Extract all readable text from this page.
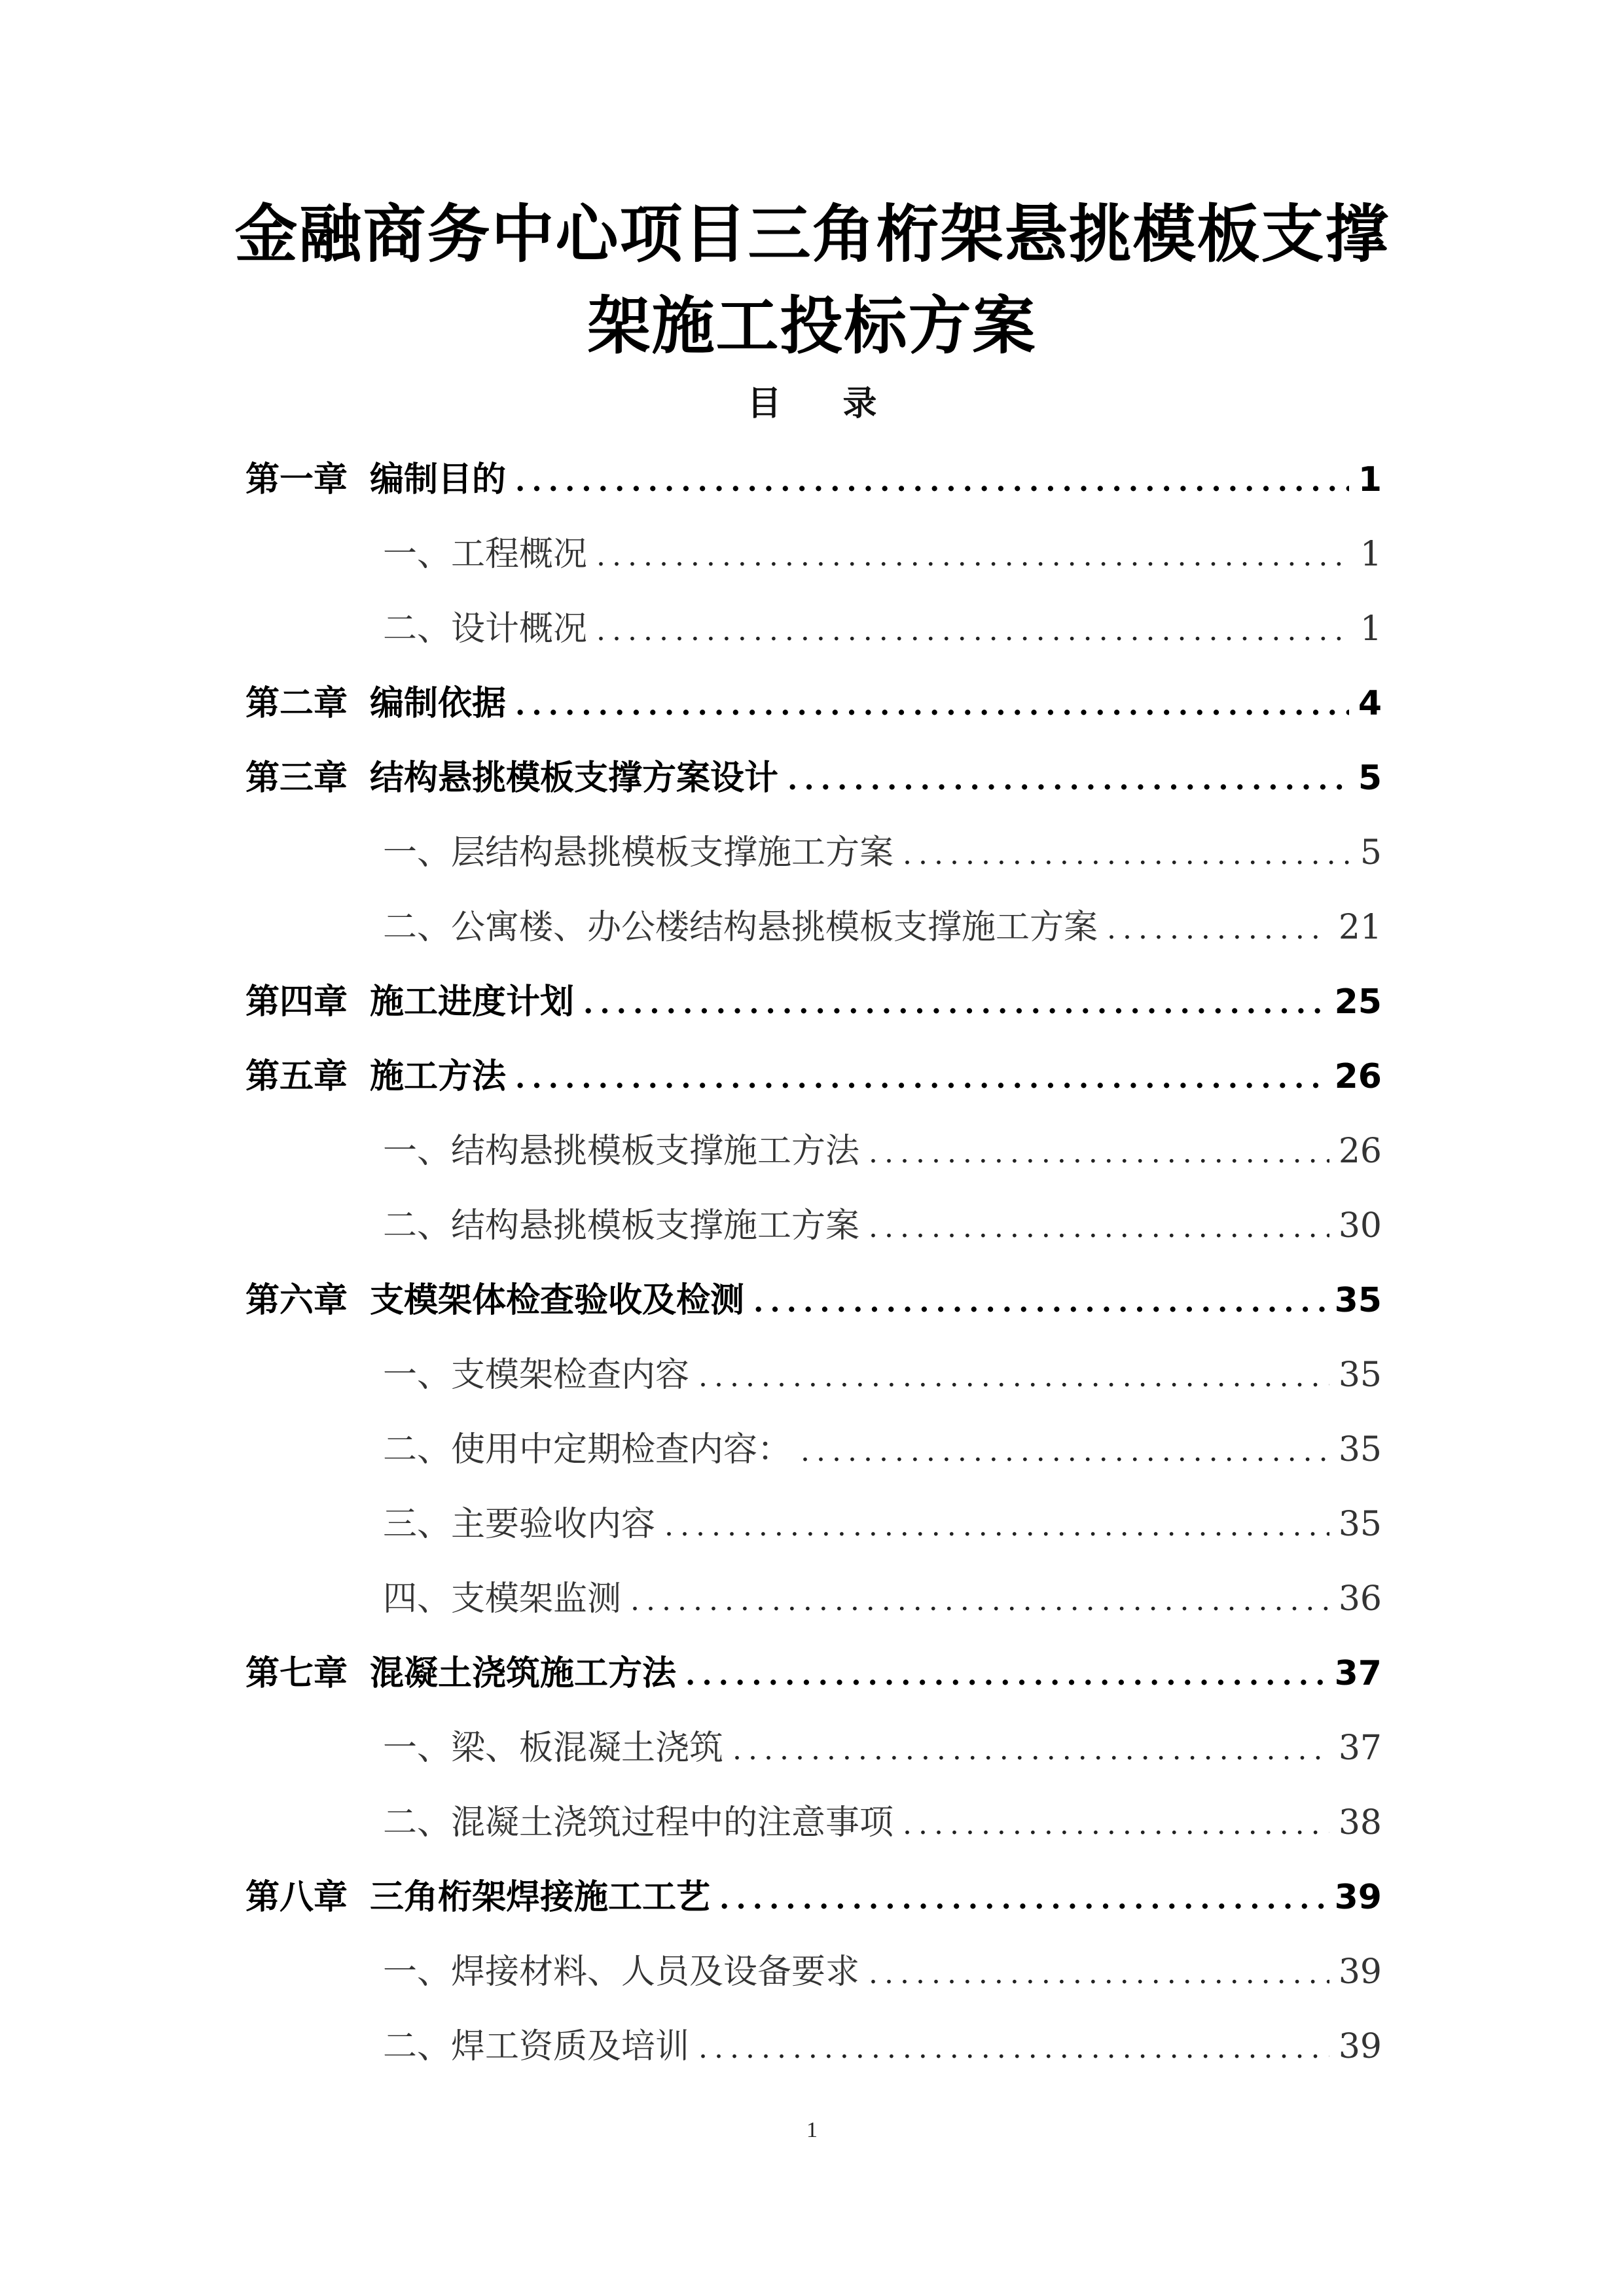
金融商务中心项目三角桁架悬挑模板支撑
架施工投标方案
目 录
第一章 编制目的 .....	1
一、工程概况 .....	1
二、设计概况 .....	1
第二章 编制依据 .....	4
第三章 结构悬挑模板支撑方案设计 .....	5
一、层结构悬挑模板支撑施工方案 .....	5
二、公寓楼、办公楼结构悬挑模板支撑施工方案 .....	21
第四章 施工进度计划 .....	25
第五章 施工方法 .....	26
一、结构悬挑模板支撑施工方法 .....	26
二、结构悬挑模板支撑施工方案 .....	30
第六章 支模架体检查验收及检测 .....	35
一、支模架检查内容 .....	35
二、使用中定期检查内容： .....	35
三、主要验收内容 .....	35
四、支模架监测 .....	36
第七章 混凝土浇筑施工方法 .....	37
一、梁、板混凝土浇筑 .....	37
二、混凝土浇筑过程中的注意事项 .....	38
第八章 三角桁架焊接施工工艺 .....	39
一、焊接材料、人员及设备要求 .....	39
二、焊工资质及培训 .....	39
1
